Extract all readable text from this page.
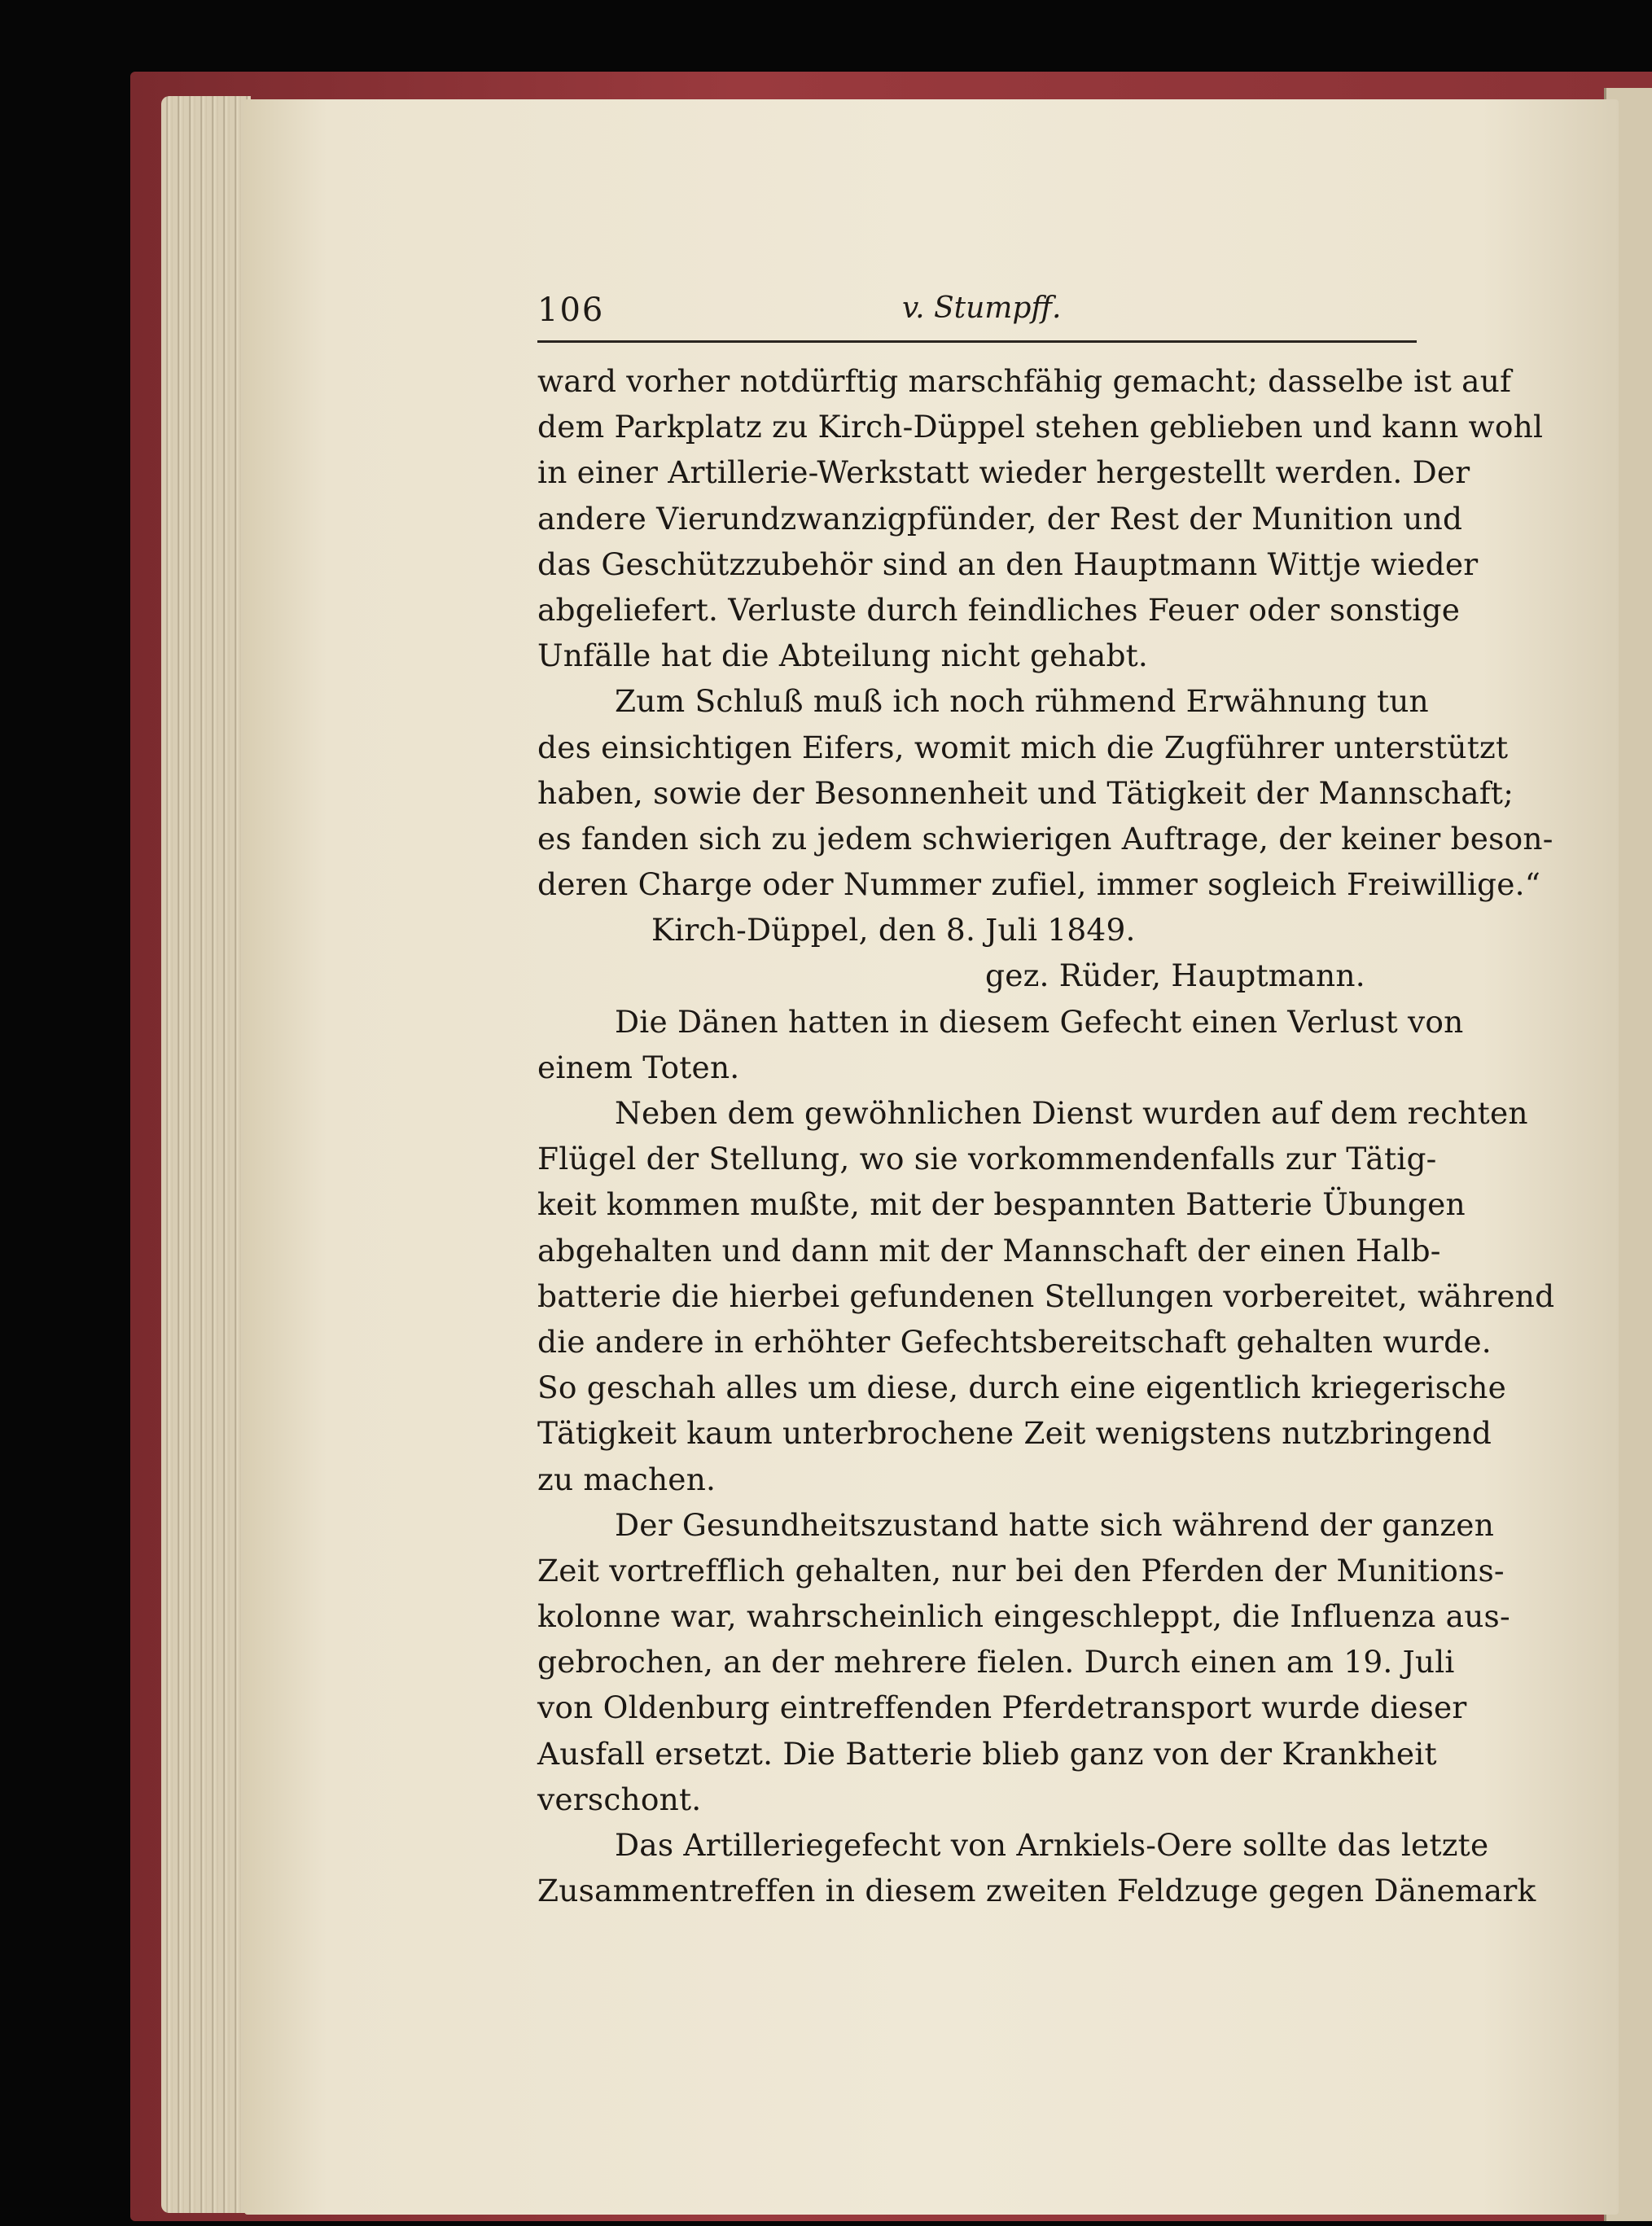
106	v. Stumpff.
ward vorher notdürftig marschfähig gemacht; dasselbe ist auf
dem Parkplatz zu Kirch-Düppel stehen geblieben und kann wohl
in einer Artillerie-Werkstatt wieder hergestellt werden. Der
andere Vierundzwanzigpfünder, der Rest der Munition und
das Geschützzubehör sind an den Hauptmann Wittje wieder
abgeliefert. Verluste durch feindliches Feuer oder sonstige
Unfälle hat die Abteilung nicht gehabt.
Zum Schluß muß ich noch rühmend Erwähnung tun
des einsichtigen Eifers, womit mich die Zugführer unterstützt
haben, sowie der Besonnenheit und Tätigkeit der Mannschaft;
es fanden sich zu jedem schwierigen Auftrage, der keiner beson-
deren Charge oder Nummer zufiel, immer sogleich Freiwillige.“
Kirch-Düppel, den 8. Juli 1849.
gez. Rüder, Hauptmann.
Die Dänen hatten in diesem Gefecht einen Verlust von
einem Toten.
Neben dem gewöhnlichen Dienst wurden auf dem rechten
Flügel der Stellung, wo sie vorkommendenfalls zur Tätig-
keit kommen mußte, mit der bespannten Batterie Übungen
abgehalten und dann mit der Mannschaft der einen Halb-
batterie die hierbei gefundenen Stellungen vorbereitet, während
die andere in erhöhter Gefechtsbereitschaft gehalten wurde.
So geschah alles um diese, durch eine eigentlich kriegerische
Tätigkeit kaum unterbrochene Zeit wenigstens nutzbringend
zu machen.
Der Gesundheitszustand hatte sich während der ganzen
Zeit vortrefflich gehalten, nur bei den Pferden der Munitions-
kolonne war, wahrscheinlich eingeschleppt, die Influenza aus-
gebrochen, an der mehrere fielen. Durch einen am 19. Juli
von Oldenburg eintreffenden Pferdetransport wurde dieser
Ausfall ersetzt. Die Batterie blieb ganz von der Krankheit
verschont.
Das Artilleriegefecht von Arnkiels-Oere sollte das letzte
Zusammentreffen in diesem zweiten Feldzuge gegen Dänemark
